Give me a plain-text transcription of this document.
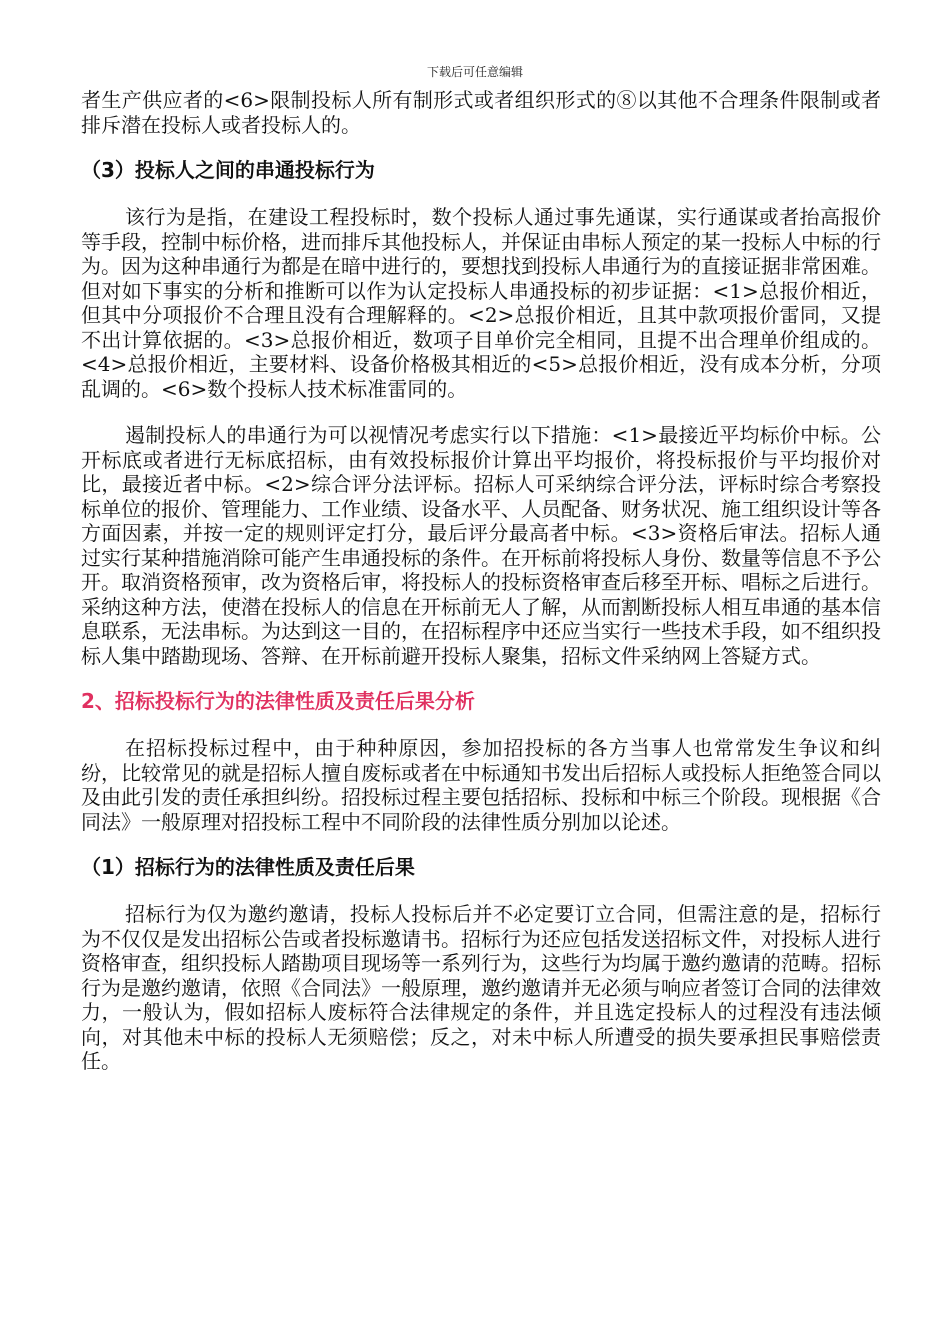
下载后可任意编辑

者生产供应者的<6>限制投标人所有制形式或者组织形式的⑧以其他不合理条件限制或者排斥潜在投标人或者投标人的。

（3）投标人之间的串通投标行为

该行为是指，在建设工程投标时，数个投标人通过事先通谋，实行通谋或者抬高报价等手段，控制中标价格，进而排斥其他投标人，并保证由串标人预定的某一投标人中标的行为。因为这种串通行为都是在暗中进行的，要想找到投标人串通行为的直接证据非常困难。但对如下事实的分析和推断可以作为认定投标人串通投标的初步证据：<1>总报价相近，但其中分项报价不合理且没有合理解释的。<2>总报价相近，且其中款项报价雷同，又提不出计算依据的。<3>总报价相近，数项子目单价完全相同，且提不出合理单价组成的。<4>总报价相近，主要材料、设备价格极其相近的<5>总报价相近，没有成本分析，分项乱调的。<6>数个投标人技术标准雷同的。

遏制投标人的串通行为可以视情况考虑实行以下措施：<1>最接近平均标价中标。公开标底或者进行无标底招标，由有效投标报价计算出平均报价，将投标报价与平均报价对比，最接近者中标。<2>综合评分法评标。招标人可采纳综合评分法，评标时综合考察投标单位的报价、管理能力、工作业绩、设备水平、人员配备、财务状况、施工组织设计等各方面因素，并按一定的规则评定打分，最后评分最高者中标。<3>资格后审法。招标人通过实行某种措施消除可能产生串通投标的条件。在开标前将投标人身份、数量等信息不予公开。取消资格预审，改为资格后审，将投标人的投标资格审查后移至开标、唱标之后进行。采纳这种方法，使潜在投标人的信息在开标前无人了解，从而割断投标人相互串通的基本信息联系，无法串标。为达到这一目的，在招标程序中还应当实行一些技术手段，如不组织投标人集中踏勘现场、答辩、在开标前避开投标人聚集，招标文件采纳网上答疑方式。

2、招标投标行为的法律性质及责任后果分析

在招标投标过程中，由于种种原因，参加招投标的各方当事人也常常发生争议和纠纷，比较常见的就是招标人擅自废标或者在中标通知书发出后招标人或投标人拒绝签合同以及由此引发的责任承担纠纷。招投标过程主要包括招标、投标和中标三个阶段。现根据《合同法》一般原理对招投标工程中不同阶段的法律性质分别加以论述。

（1）招标行为的法律性质及责任后果

招标行为仅为邀约邀请，投标人投标后并不必定要订立合同，但需注意的是，招标行为不仅仅是发出招标公告或者投标邀请书。招标行为还应包括发送招标文件，对投标人进行资格审查，组织投标人踏勘项目现场等一系列行为，这些行为均属于邀约邀请的范畴。招标行为是邀约邀请，依照《合同法》一般原理，邀约邀请并无必须与响应者签订合同的法律效力，一般认为，假如招标人废标符合法律规定的条件，并且选定投标人的过程没有违法倾向，对其他未中标的投标人无须赔偿；反之，对未中标人所遭受的损失要承担民事赔偿责任。
